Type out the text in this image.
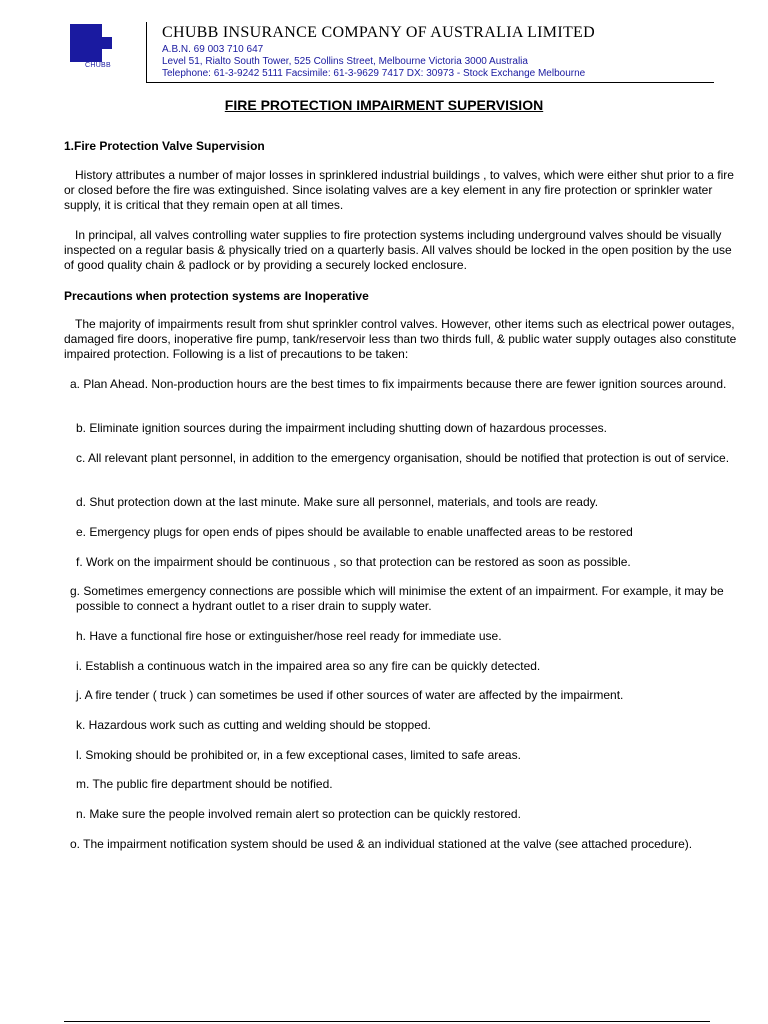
CHUBB
CHUBB INSURANCE COMPANY OF AUSTRALIA LIMITED
A.B.N. 69 003 710 647
Level 51, Rialto South Tower, 525 Collins Street, Melbourne Victoria 3000 Australia
Telephone: 61-3-9242 5111 Facsimile: 61-3-9629 7417 DX: 30973 - Stock Exchange Melbourne
FIRE PROTECTION IMPAIRMENT SUPERVISION
1.Fire Protection Valve Supervision
History attributes a number of major losses in sprinklered industrial buildings , to valves, which were either shut prior to a fire or closed before the fire was extinguished. Since isolating valves are a key element in any fire protection or sprinkler water supply, it is critical that they remain open at all times.
In principal, all valves controlling water supplies to fire protection systems including underground valves should be visually inspected on a regular basis & physically tried on a quarterly basis. All valves should be locked in the open position by the use of good quality chain & padlock or by providing a securely locked enclosure.
Precautions when protection systems are Inoperative
The majority of impairments result from shut sprinkler control valves. However, other items such as electrical power outages, damaged fire doors, inoperative fire pump, tank/reservoir less than two thirds full, & public water supply outages also constitute impaired protection. Following is a list of precautions to be taken:
a. Plan Ahead. Non-production hours are the best times to fix impairments because there are fewer ignition sources around.
b. Eliminate ignition sources during the impairment including shutting down of hazardous processes.
c. All relevant plant personnel, in addition to the emergency organisation, should be notified that protection is out of service.
d. Shut protection down at the last minute. Make sure all personnel, materials, and tools are ready.
e. Emergency plugs for open ends of pipes should be available to enable unaffected areas to be restored
f. Work on the impairment should be continuous , so that protection can be restored as soon as possible.
g. Sometimes emergency connections are possible which will minimise the extent of an impairment. For example, it may be possible to connect a hydrant outlet to a riser drain to supply water.
h. Have a functional fire hose or extinguisher/hose reel ready for immediate use.
i. Establish a continuous watch in the impaired area so any fire can be quickly detected.
j. A fire tender ( truck ) can sometimes be used if other sources of water are affected by the impairment.
k. Hazardous work such as cutting and welding should be stopped.
l. Smoking should be prohibited or, in a few exceptional cases, limited to safe areas.
m. The public fire department should be notified.
n. Make sure the people involved remain alert so protection can be quickly restored.
o. The impairment notification system should be used & an individual stationed at the valve (see attached procedure).
